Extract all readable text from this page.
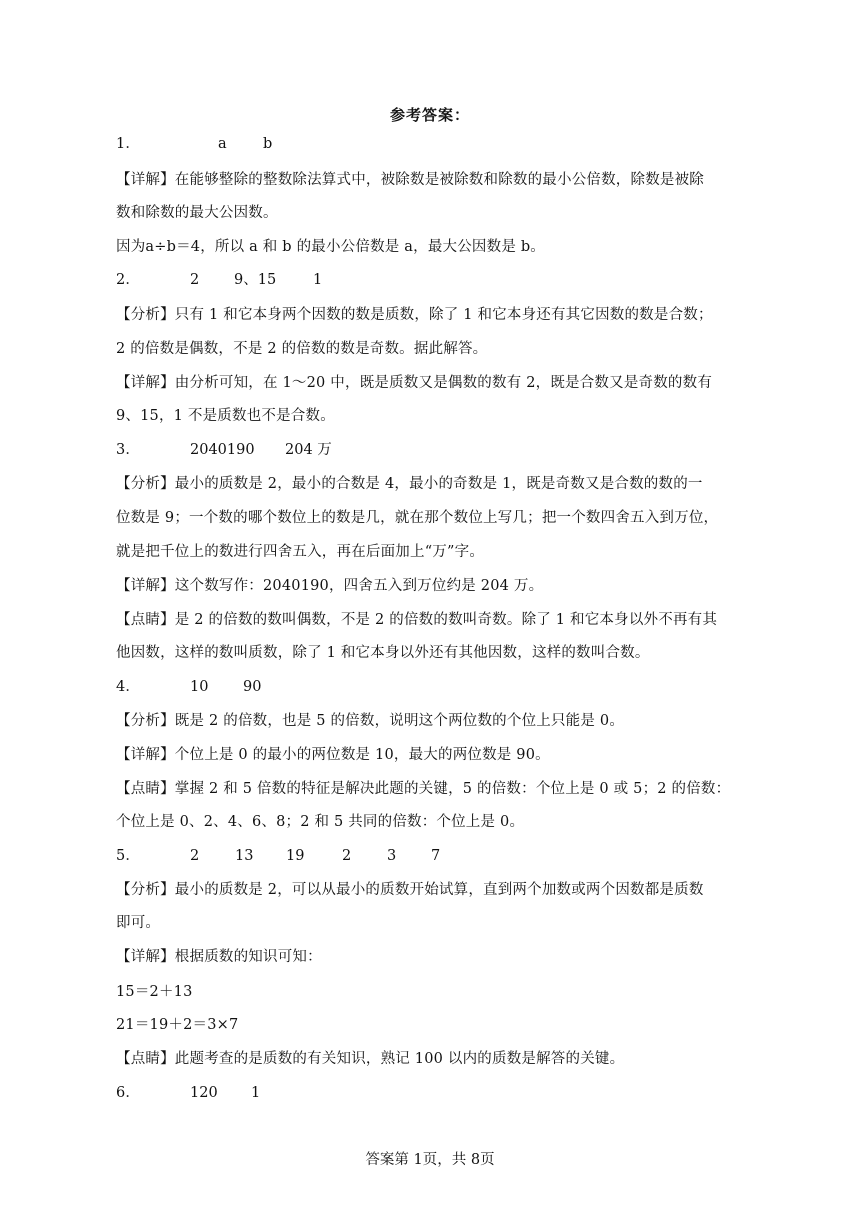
参考答案：
1．	a	b
【详解】在能够整除的整数除法算式中，被除数是被除数和除数的最小公倍数，除数是被除
数和除数的最大公因数。
因为a÷b＝4，所以 a 和 b 的最小公倍数是 a，最大公因数是 b。
2．	2 9、15	1
【分析】只有 1 和它本身两个因数的数是质数，除了 1 和它本身还有其它因数的数是合数；
2 的倍数是偶数，不是 2 的倍数的数是奇数。据此解答。
【详解】由分析可知，在 1～20 中，既是质数又是偶数的数有 2，既是合数又是奇数的数有
9、15，1 不是质数也不是合数。
3．	2040190 204 万
【分析】最小的质数是 2，最小的合数是 4，最小的奇数是 1，既是奇数又是合数的数的一
位数是 9；一个数的哪个数位上的数是几，就在那个数位上写几；把一个数四舍五入到万位，
就是把千位上的数进行四舍五入，再在后面加上“万”字。
【详解】这个数写作：2040190，四舍五入到万位约是 204 万。
【点睛】是 2 的倍数的数叫偶数，不是 2 的倍数的数叫奇数。除了 1 和它本身以外不再有其
他因数，这样的数叫质数，除了 1 和它本身以外还有其他因数，这样的数叫合数。
4．	10 90
【分析】既是 2 的倍数，也是 5 的倍数，说明这个两位数的个位上只能是 0。
【详解】个位上是 0 的最小的两位数是 10，最大的两位数是 90。
【点睛】掌握 2 和 5 倍数的特征是解决此题的关键，5 的倍数：个位上是 0 或 5；2 的倍数：
个位上是 0、2、4、6、8；2 和 5 共同的倍数：个位上是 0。
5．	2 13 19	2 3 7
【分析】最小的质数是 2，可以从最小的质数开始试算，直到两个加数或两个因数都是质数
即可。
【详解】根据质数的知识可知：
15＝2＋13
21＝19＋2＝3×7
【点睛】此题考查的是质数的有关知识，熟记 100 以内的质数是解答的关键。
6．	120 1
答案第 1页，共 8页
